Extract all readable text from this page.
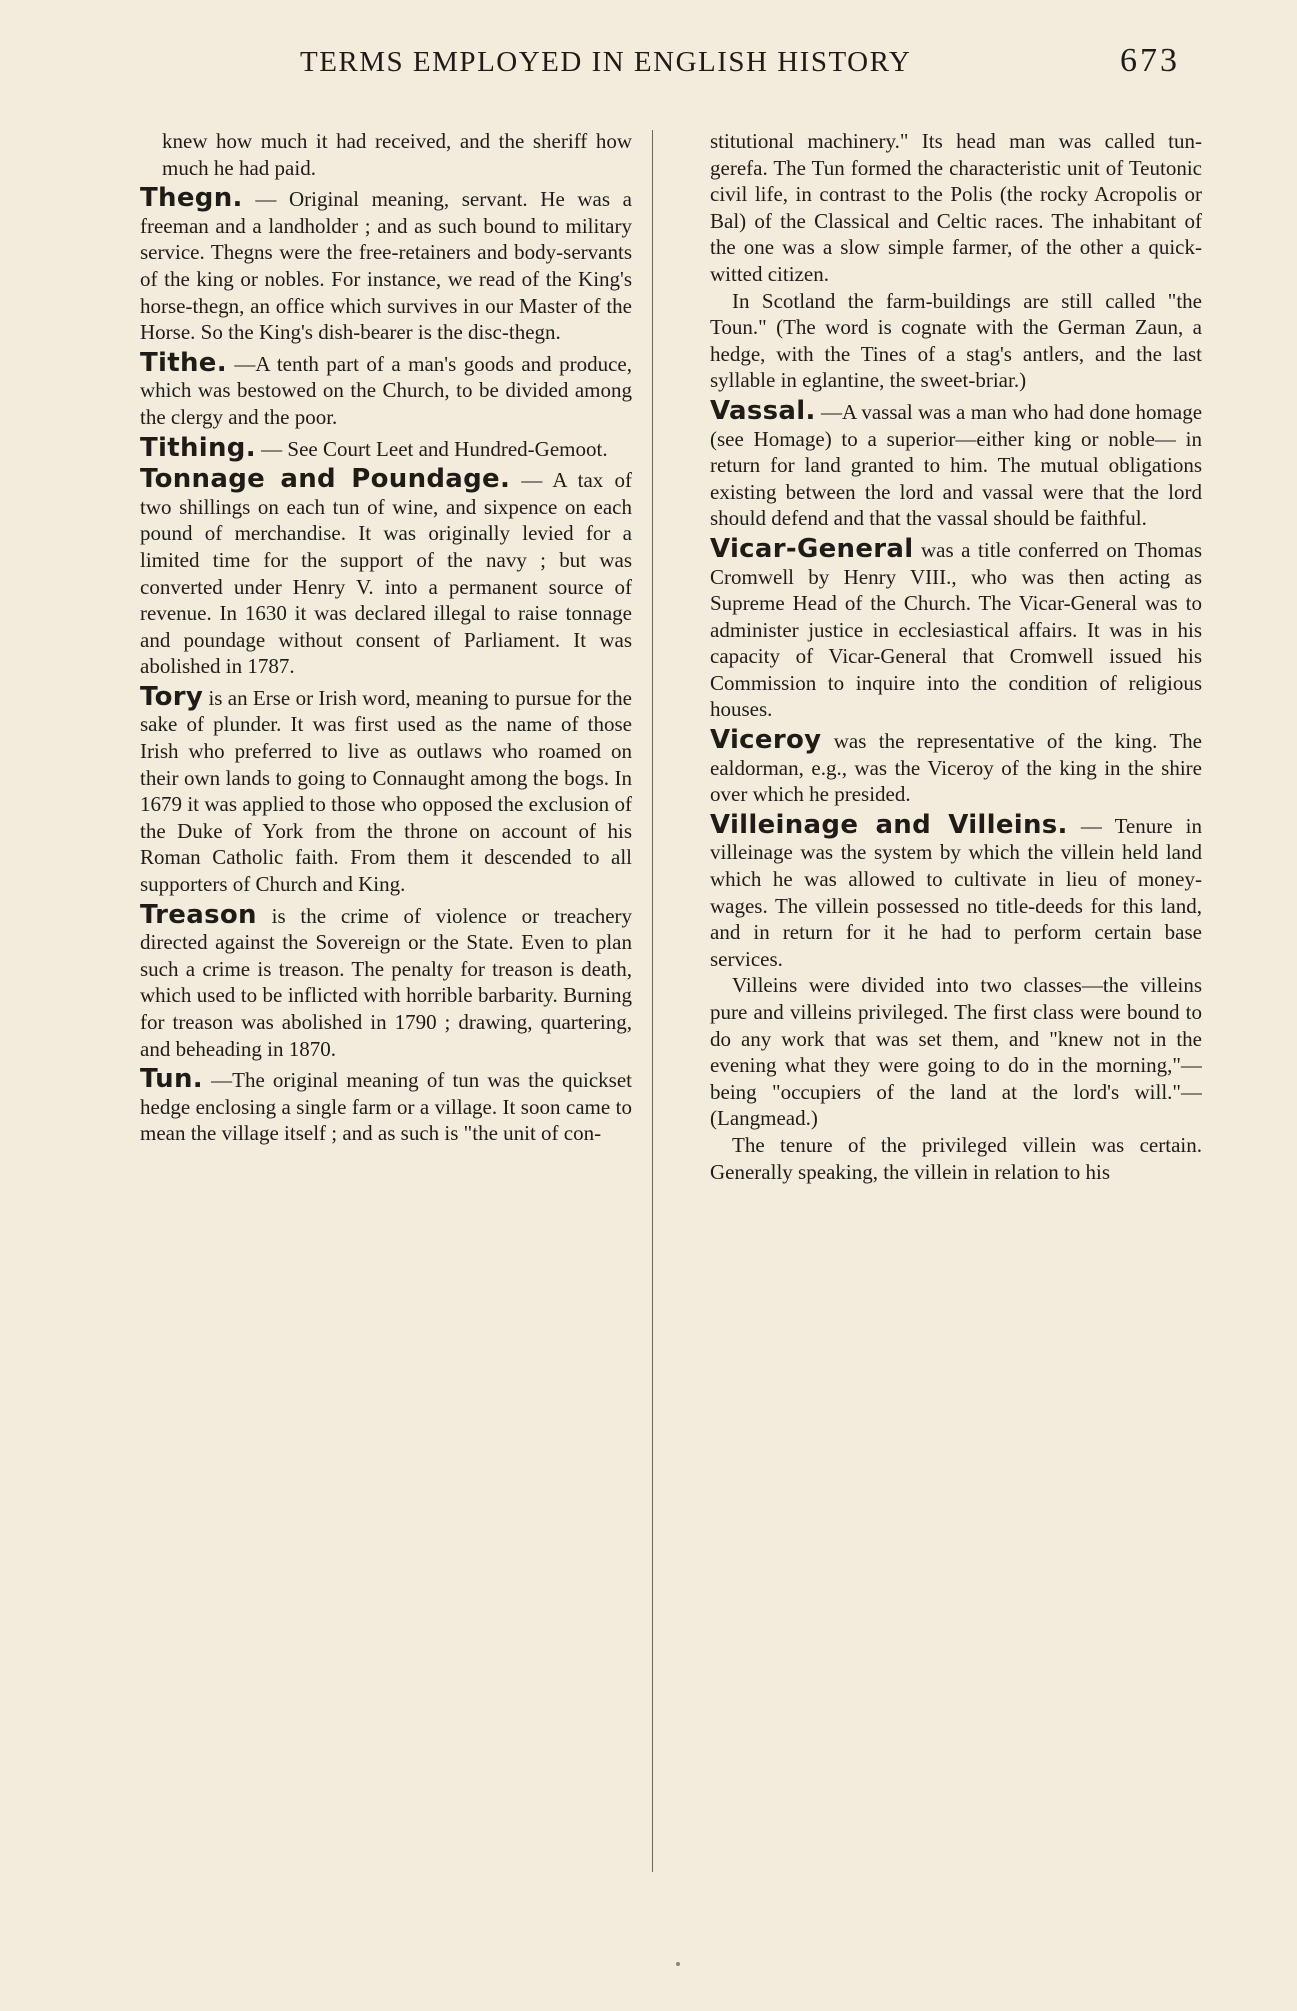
TERMS EMPLOYED IN ENGLISH HISTORY	673

knew how much it had received, and the sheriff how much he had paid.

Thegn. — Original meaning, servant. He was a freeman and a landholder ; and as such bound to military service. Thegns were the free-retainers and body-servants of the king or nobles. For instance, we read of the King's horse-thegn, an office which survives in our Master of the Horse. So the King's dish-bearer is the disc-thegn.

Tithe. —A tenth part of a man's goods and produce, which was bestowed on the Church, to be divided among the clergy and the poor.

Tithing. — See Court Leet and Hundred-Gemoot.

Tonnage and Poundage. — A tax of two shillings on each tun of wine, and sixpence on each pound of merchandise. It was originally levied for a limited time for the support of the navy ; but was converted under Henry V. into a permanent source of revenue. In 1630 it was declared illegal to raise tonnage and poundage without consent of Parliament. It was abolished in 1787.

Tory is an Erse or Irish word, meaning to pursue for the sake of plunder. It was first used as the name of those Irish who preferred to live as outlaws who roamed on their own lands to going to Connaught among the bogs. In 1679 it was applied to those who opposed the exclusion of the Duke of York from the throne on account of his Roman Catholic faith. From them it descended to all supporters of Church and King.

Treason is the crime of violence or treachery directed against the Sovereign or the State. Even to plan such a crime is treason. The penalty for treason is death, which used to be inflicted with horrible barbarity. Burning for treason was abolished in 1790 ; drawing, quartering, and beheading in 1870.

Tun. —The original meaning of tun was the quickset hedge enclosing a single farm or a village. It soon came to mean the village itself ; and as such is "the unit of con-

stitutional machinery." Its head man was called tun-gerefa. The Tun formed the characteristic unit of Teutonic civil life, in contrast to the Polis (the rocky Acropolis or Bal) of the Classical and Celtic races. The inhabitant of the one was a slow simple farmer, of the other a quick-witted citizen.

In Scotland the farm-buildings are still called "the Toun." (The word is cognate with the German Zaun, a hedge, with the Tines of a stag's antlers, and the last syllable in eglantine, the sweet-briar.)

Vassal. —A vassal was a man who had done homage (see Homage) to a superior—either king or noble— in return for land granted to him. The mutual obligations existing between the lord and vassal were that the lord should defend and that the vassal should be faithful.

Vicar-General was a title conferred on Thomas Cromwell by Henry VIII., who was then acting as Supreme Head of the Church. The Vicar-General was to administer justice in ecclesiastical affairs. It was in his capacity of Vicar-General that Cromwell issued his Commission to inquire into the condition of religious houses.

Viceroy was the representative of the king. The ealdorman, e.g., was the Viceroy of the king in the shire over which he presided.

Villeinage and Villeins. — Tenure in villeinage was the system by which the villein held land which he was allowed to cultivate in lieu of money-wages. The villein possessed no title-deeds for this land, and in return for it he had to perform certain base services.

Villeins were divided into two classes—the villeins pure and villeins privileged. The first class were bound to do any work that was set them, and "knew not in the evening what they were going to do in the morning,"—being "occupiers of the land at the lord's will."—(Langmead.)

The tenure of the privileged villein was certain. Generally speaking, the villein in relation to his
